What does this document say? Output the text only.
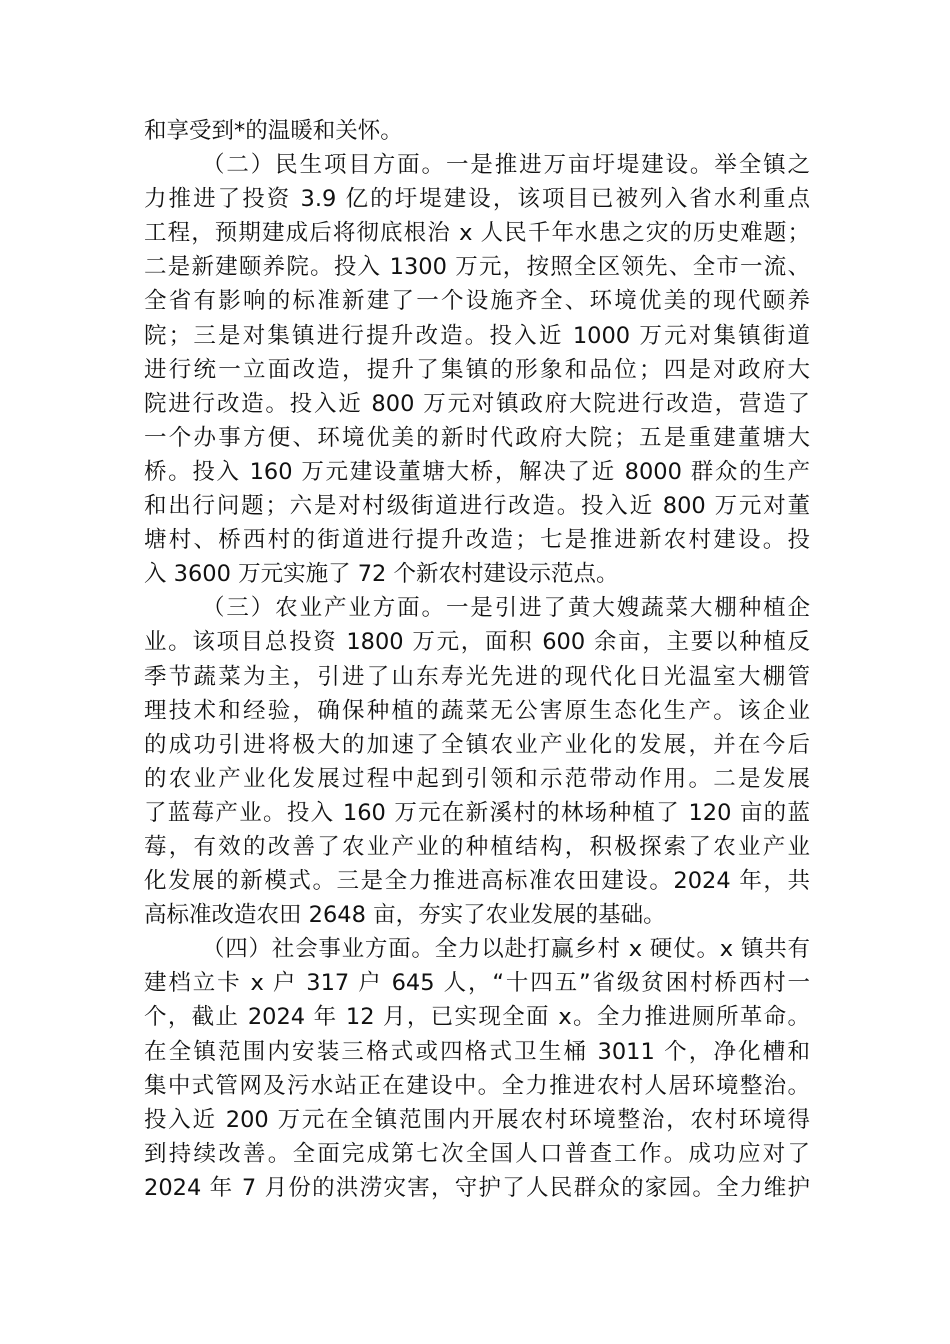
和享受到*的温暖和关怀。
（二）民生项目方面。一是推进万亩圩堤建设。举全镇之
力推进了投资 3.9 亿的圩堤建设，该项目已被列入省水利重点
工程，预期建成后将彻底根治 x 人民千年水患之灾的历史难题；
二是新建颐养院。投入 1300 万元，按照全区领先、全市一流、
全省有影响的标准新建了一个设施齐全、环境优美的现代颐养
院；三是对集镇进行提升改造。投入近 1000 万元对集镇街道
进行统一立面改造，提升了集镇的形象和品位；四是对政府大
院进行改造。投入近 800 万元对镇政府大院进行改造，营造了
一个办事方便、环境优美的新时代政府大院；五是重建董塘大
桥。投入 160 万元建设董塘大桥，解决了近 8000 群众的生产
和出行问题；六是对村级街道进行改造。投入近 800 万元对董
塘村、桥西村的街道进行提升改造；七是推进新农村建设。投
入 3600 万元实施了 72 个新农村建设示范点。
（三）农业产业方面。一是引进了黄大嫂蔬菜大棚种植企
业。该项目总投资 1800 万元，面积 600 余亩，主要以种植反
季节蔬菜为主，引进了山东寿光先进的现代化日光温室大棚管
理技术和经验，确保种植的蔬菜无公害原生态化生产。该企业
的成功引进将极大的加速了全镇农业产业化的发展，并在今后
的农业产业化发展过程中起到引领和示范带动作用。二是发展
了蓝莓产业。投入 160 万元在新溪村的林场种植了 120 亩的蓝
莓，有效的改善了农业产业的种植结构，积极探索了农业产业
化发展的新模式。三是全力推进高标准农田建设。2024 年，共
高标准改造农田 2648 亩，夯实了农业发展的基础。
（四）社会事业方面。全力以赴打赢乡村 x 硬仗。x 镇共有
建档立卡 x 户 317 户 645 人，“十四五”省级贫困村桥西村一
个，截止 2024 年 12 月，已实现全面 x。全力推进厕所革命。
在全镇范围内安装三格式或四格式卫生桶 3011 个，净化槽和
集中式管网及污水站正在建设中。全力推进农村人居环境整治。
投入近 200 万元在全镇范围内开展农村环境整治，农村环境得
到持续改善。全面完成第七次全国人口普查工作。成功应对了
2024 年 7 月份的洪涝灾害，守护了人民群众的家园。全力维护
